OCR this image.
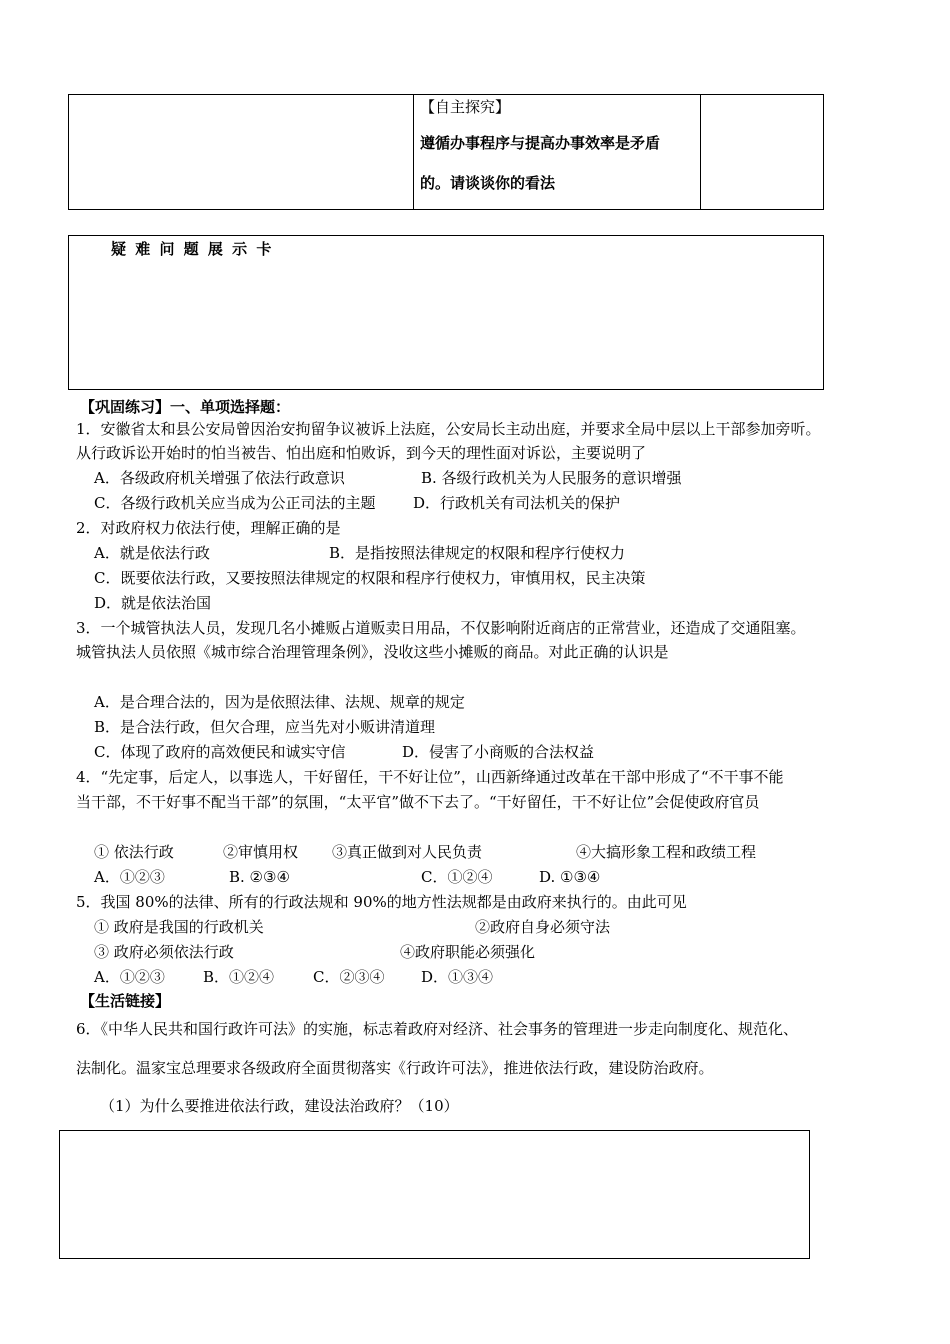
【自主探究】
遵循办事程序与提高办事效率是矛盾
的。请谈谈你的看法
疑 难 问 题 展 示 卡
【巩固练习】一、单项选择题：
1．安徽省太和县公安局曾因治安拘留争议被诉上法庭，公安局长主动出庭，并要求全局中层以上干部参加旁听。
从行政诉讼开始时的怕当被告、怕出庭和怕败诉，到今天的理性面对诉讼，主要说明了
A．各级政府机关增强了依法行政意识	B. 各级行政机关为人民服务的意识增强
C．各级行政机关应当成为公正司法的主题	D．行政机关有司法机关的保护
2．对政府权力依法行使，理解正确的是
A．就是依法行政	B．是指按照法律规定的权限和程序行使权力
C．既要依法行政，又要按照法律规定的权限和程序行使权力，审慎用权，民主决策
D．就是依法治国
3．一个城管执法人员，发现几名小摊贩占道贩卖日用品，不仅影响附近商店的正常营业，还造成了交通阻塞。
城管执法人员依照《城市综合治理管理条例》，没收这些小摊贩的商品。对此正确的认识是
A．是合理合法的，因为是依照法律、法规、规章的规定
B．是合法行政，但欠合理，应当先对小贩讲清道理
C．体现了政府的高效便民和诚实守信	D．侵害了小商贩的合法权益
4．“先定事，后定人，以事选人，干好留任，干不好让位”，山西新绛通过改革在干部中形成了“不干事不能
当干部，不干好事不配当干部”的氛围，“太平官”做不下去了。“干好留任，干不好让位”会促使政府官员
① 依法行政	②审慎用权 ③真正做到对人民负责	④大搞形象工程和政绩工程
A．①②③	B. ②③④	C．①②④	D. ①③④
5．我国 80%的法律、所有的行政法规和 90%的地方性法规都是由政府来执行的。由此可见
① 政府是我国的行政机关	②政府自身必须守法
③ 政府必须依法行政	④政府职能必须强化
A．①②③	B．①②④	C．②③④ D．①③④
【生活链接】
6．《中华人民共和国行政许可法》的实施，标志着政府对经济、社会事务的管理进一步走向制度化、规范化、
法制化。温家宝总理要求各级政府全面贯彻落实《行政许可法》，推进依法行政，建设防治政府。
（1）为什么要推进依法行政，建设法治政府？（10）
